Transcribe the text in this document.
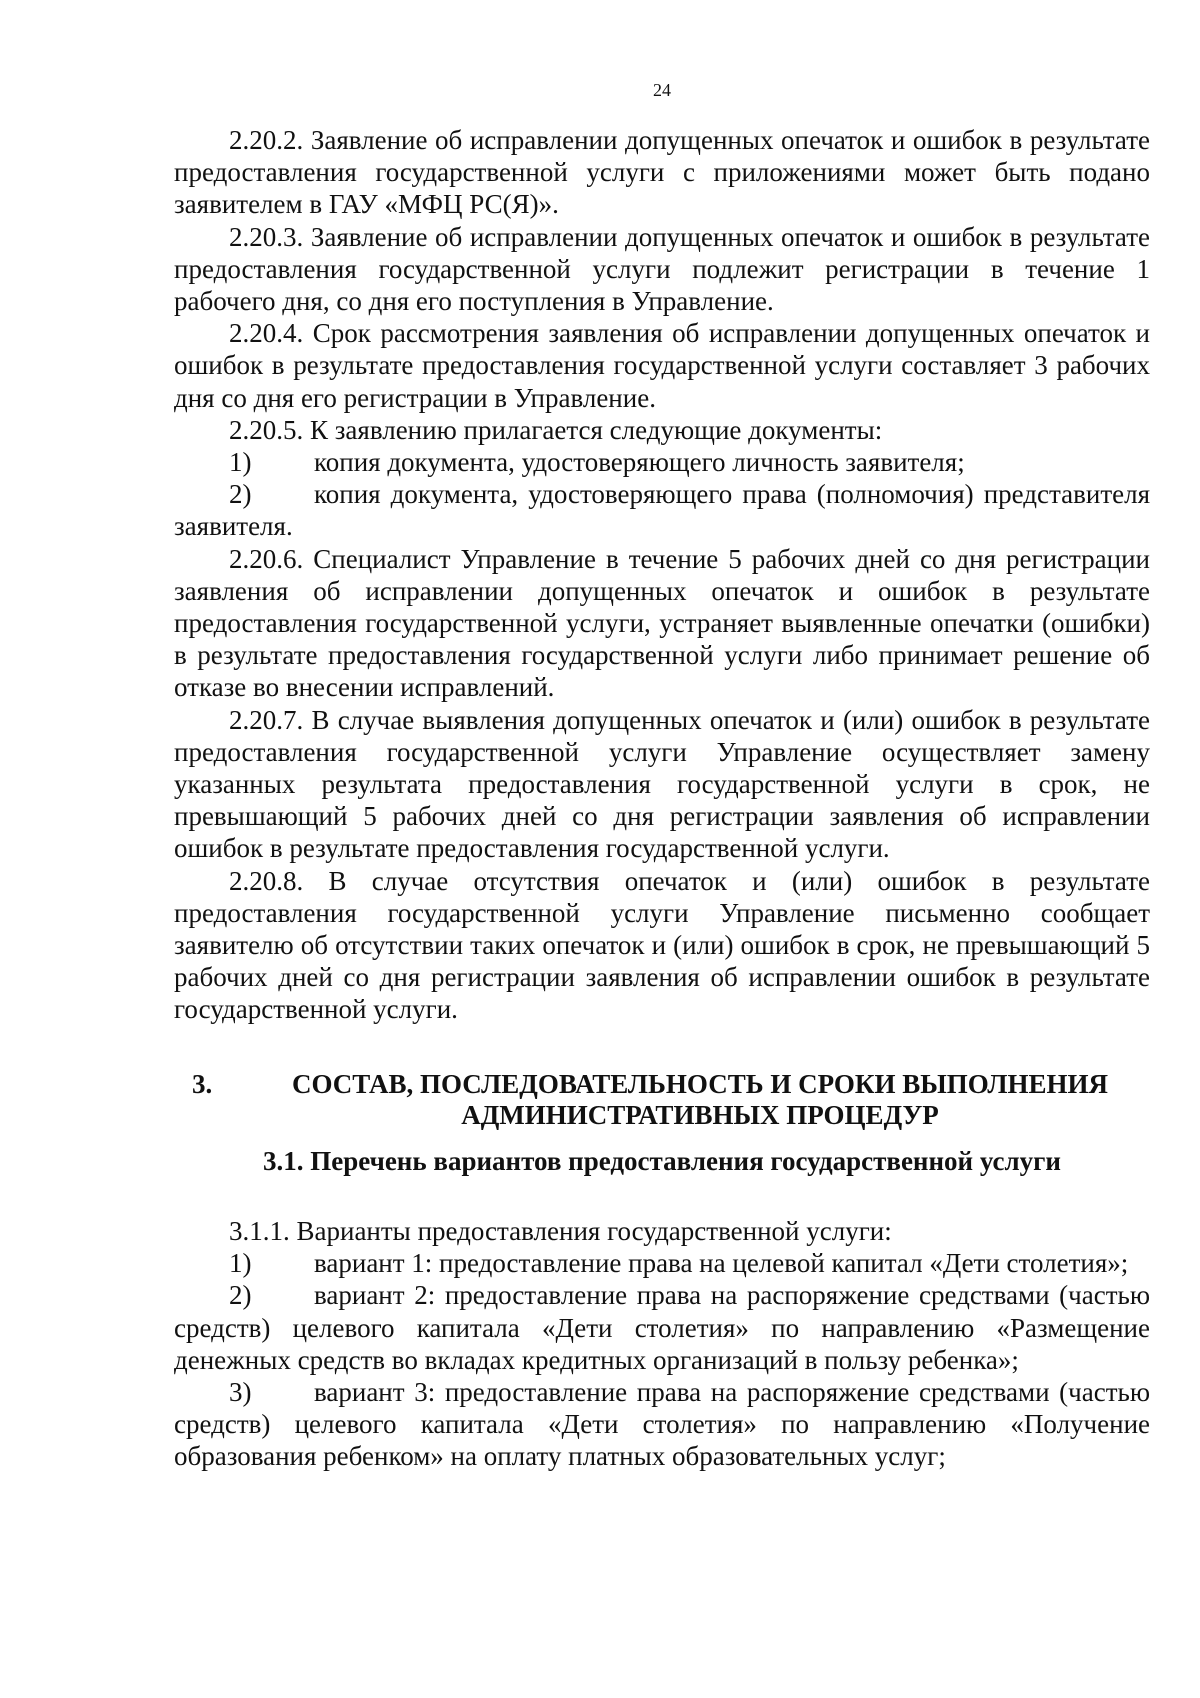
24

2.20.2. Заявление об исправлении допущенных опечаток и ошибок в результате предоставления государственной услуги с приложениями может быть подано заявителем в ГАУ «МФЦ РС(Я)».

2.20.3. Заявление об исправлении допущенных опечаток и ошибок в результате предоставления государственной услуги подлежит регистрации в течение 1 рабочего дня, со дня его поступления в Управление.

2.20.4. Срок рассмотрения заявления об исправлении допущенных опечаток и ошибок в результате предоставления государственной услуги составляет 3 рабочих дня со дня его регистрации в Управление.

2.20.5. К заявлению прилагается следующие документы:

1) копия документа, удостоверяющего личность заявителя;

2) копия документа, удостоверяющего права (полномочия) представителя заявителя.

2.20.6. Специалист Управление в течение 5 рабочих дней со дня регистрации заявления об исправлении допущенных опечаток и ошибок в результате предоставления государственной услуги, устраняет выявленные опечатки (ошибки) в результате предоставления государственной услуги либо принимает решение об отказе во внесении исправлений.

2.20.7. В случае выявления допущенных опечаток и (или) ошибок в результате предоставления государственной услуги Управление осуществляет замену указанных результата предоставления государственной услуги в срок, не превышающий 5 рабочих дней со дня регистрации заявления об исправлении ошибок в результате предоставления государственной услуги.

2.20.8. В случае отсутствия опечаток и (или) ошибок в результате предоставления государственной услуги Управление письменно сообщает заявителю об отсутствии таких опечаток и (или) ошибок в срок, не превышающий 5 рабочих дней со дня регистрации заявления об исправлении ошибок в результате государственной услуги.

3.	СОСТАВ, ПОСЛЕДОВАТЕЛЬНОСТЬ И СРОКИ ВЫПОЛНЕНИЯ АДМИНИСТРАТИВНЫХ ПРОЦЕДУР
3.1. Перечень вариантов предоставления государственной услуги

3.1.1. Варианты предоставления государственной услуги:

1) вариант 1: предоставление права на целевой капитал «Дети столетия»;

2) вариант 2: предоставление права на распоряжение средствами (частью средств) целевого капитала «Дети столетия» по направлению «Размещение денежных средств во вкладах кредитных организаций в пользу ребенка»;

3) вариант 3: предоставление права на распоряжение средствами (частью средств) целевого капитала «Дети столетия» по направлению «Получение образования ребенком» на оплату платных образовательных услуг;
